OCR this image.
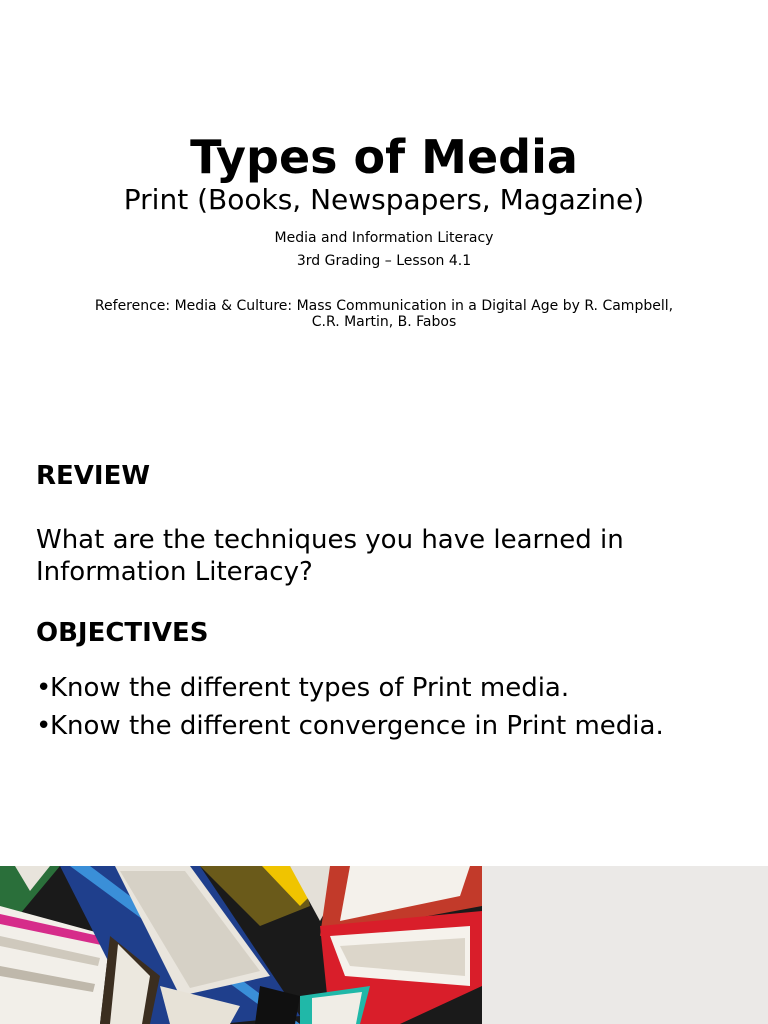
Types of Media
Print (Books, Newspapers, Magazine)
Media and Information Literacy
3rd Grading – Lesson 4.1
Reference: Media & Culture: Mass Communication in a Digital Age by R. Campbell, C.R. Martin, B. Fabos
REVIEW
What are the techniques you have learned in Information Literacy?
OBJECTIVES
•
Know the different types of Print media.
•
Know the different convergence in Print media.
